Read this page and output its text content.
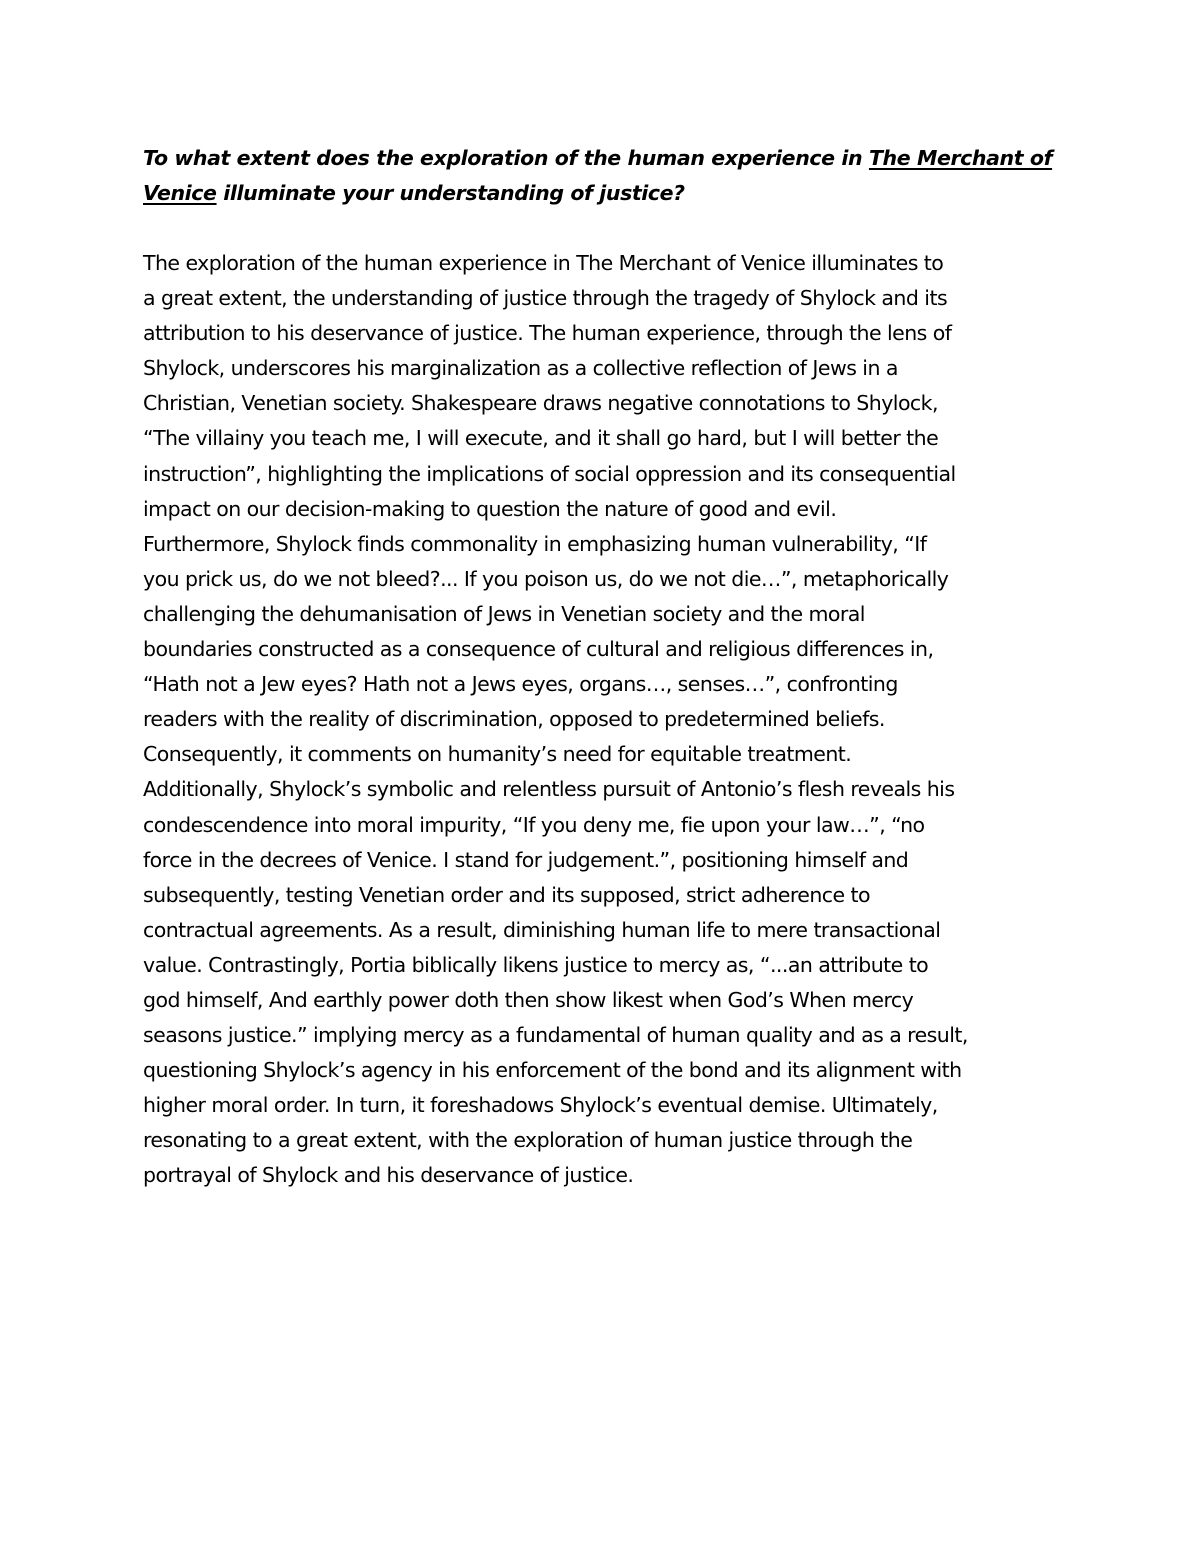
To what extent does the exploration of the human experience in The Merchant of Venice illuminate your understanding of justice?

The exploration of the human experience in The Merchant of Venice illuminates to
a great extent, the understanding of justice through the tragedy of Shylock and its
attribution to his deservance of justice. The human experience, through the lens of
Shylock, underscores his marginalization as a collective reflection of Jews in a
Christian, Venetian society. Shakespeare draws negative connotations to Shylock,
“The villainy you teach me, I will execute, and it shall go hard, but I will better the
instruction”, highlighting the implications of social oppression and its consequential
impact on our decision-making to question the nature of good and evil.
Furthermore, Shylock finds commonality in emphasizing human vulnerability, “If
you prick us, do we not bleed?... If you poison us, do we not die…”, metaphorically
challenging the dehumanisation of Jews in Venetian society and the moral
boundaries constructed as a consequence of cultural and religious differences in,
“Hath not a Jew eyes? Hath not a Jews eyes, organs…, senses…”, confronting
readers with the reality of discrimination, opposed to predetermined beliefs.
Consequently, it comments on humanity’s need for equitable treatment.
Additionally, Shylock’s symbolic and relentless pursuit of Antonio’s flesh reveals his
condescendence into moral impurity, “If you deny me, fie upon your law…”, “no
force in the decrees of Venice. I stand for judgement.”, positioning himself and
subsequently, testing Venetian order and its supposed, strict adherence to
contractual agreements. As a result, diminishing human life to mere transactional
value. Contrastingly, Portia biblically likens justice to mercy as, “...an attribute to
god himself, And earthly power doth then show likest when God’s When mercy
seasons justice.” implying mercy as a fundamental of human quality and as a result,
questioning Shylock’s agency in his enforcement of the bond and its alignment with
higher moral order. In turn, it foreshadows Shylock’s eventual demise. Ultimately,
resonating to a great extent, with the exploration of human justice through the
portrayal of Shylock and his deservance of justice.
